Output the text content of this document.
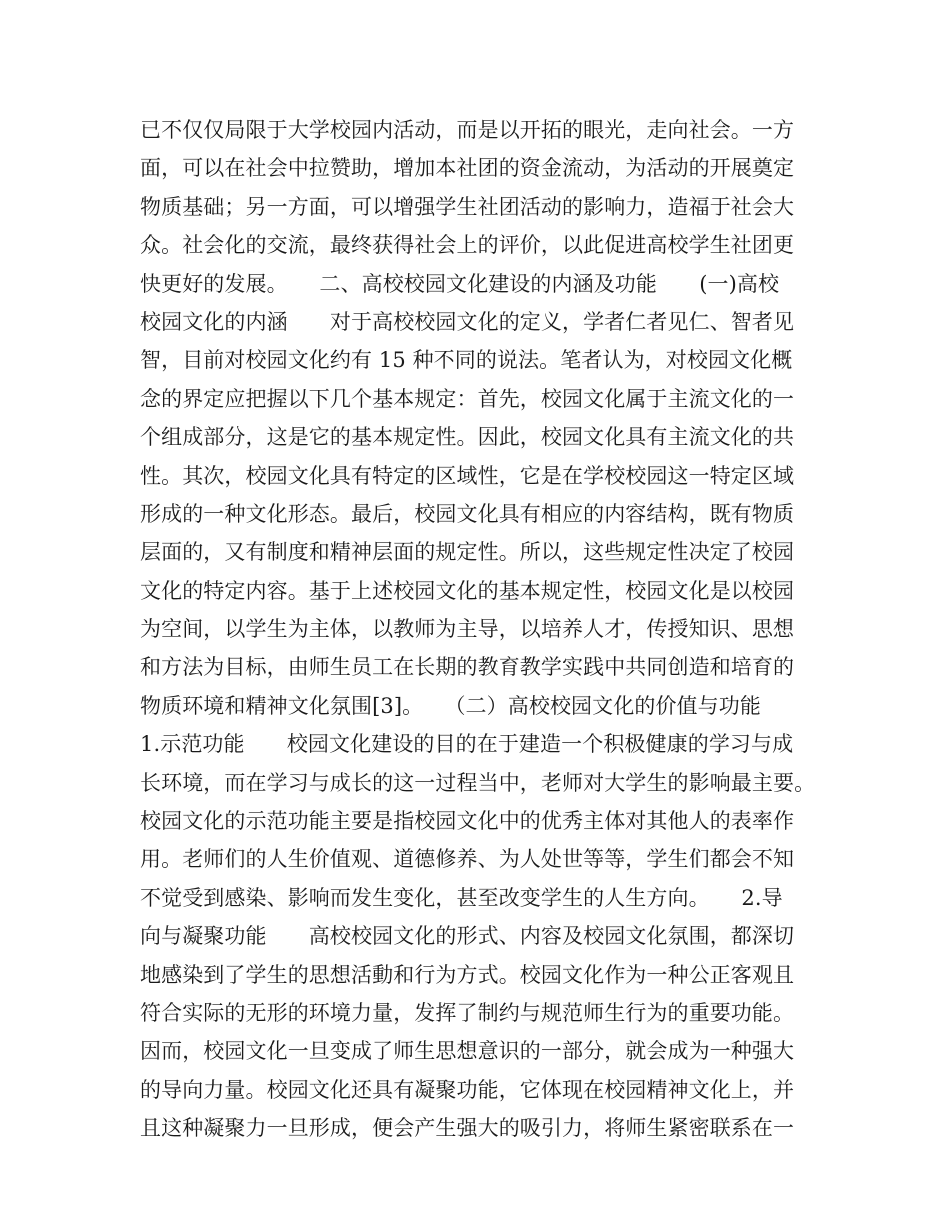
已不仅仅局限于大学校园内活动，而是以开拓的眼光，走向社会。一方
面，可以在社会中拉赞助，增加本社团的资金流动，为活动的开展奠定
物质基础；另一方面，可以增强学生社团活动的影响力，造福于社会大
众。社会化的交流，最终获得社会上的评价，以此促进高校学生社团更
快更好的发展。　　二、高校校园文化建设的内涵及功能　　(一)高校
校园文化的内涵　　对于高校校园文化的定义，学者仁者见仁、智者见
智，目前对校园文化约有 15 种不同的说法。笔者认为，对校园文化概
念的界定应把握以下几个基本规定：首先，校园文化属于主流文化的一
个组成部分，这是它的基本规定性。因此，校园文化具有主流文化的共
性。其次，校园文化具有特定的区域性，它是在学校校园这一特定区域
形成的一种文化形态。最后，校园文化具有相应的内容结构，既有物质
层面的，又有制度和精神层面的规定性。所以，这些规定性决定了校园
文化的特定内容。基于上述校园文化的基本规定性，校园文化是以校园
为空间，以学生为主体，以教师为主导，以培养人才，传授知识、思想
和方法为目标，由师生员工在长期的教育教学实践中共同创造和培育的
物质环境和精神文化氛围[3]。　　（二）高校校园文化的价值与功能
1.示范功能　　校园文化建设的目的在于建造一个积极健康的学习与成
长环境，而在学习与成长的这一过程当中，老师对大学生的影响最主要。
校园文化的示范功能主要是指校园文化中的优秀主体对其他人的表率作
用。老师们的人生价值观、道德修养、为人处世等等，学生们都会不知
不觉受到感染、影响而发生变化，甚至改变学生的人生方向。　　2.导
向与凝聚功能　　高校校园文化的形式、内容及校园文化氛围，都深切
地感染到了学生的思想活動和行为方式。校园文化作为一种公正客观且
符合实际的无形的环境力量，发挥了制约与规范师生行为的重要功能。
因而，校园文化一旦变成了师生思想意识的一部分，就会成为一种强大
的导向力量。校园文化还具有凝聚功能，它体现在校园精神文化上，并
且这种凝聚力一旦形成，便会产生强大的吸引力，将师生紧密联系在一
